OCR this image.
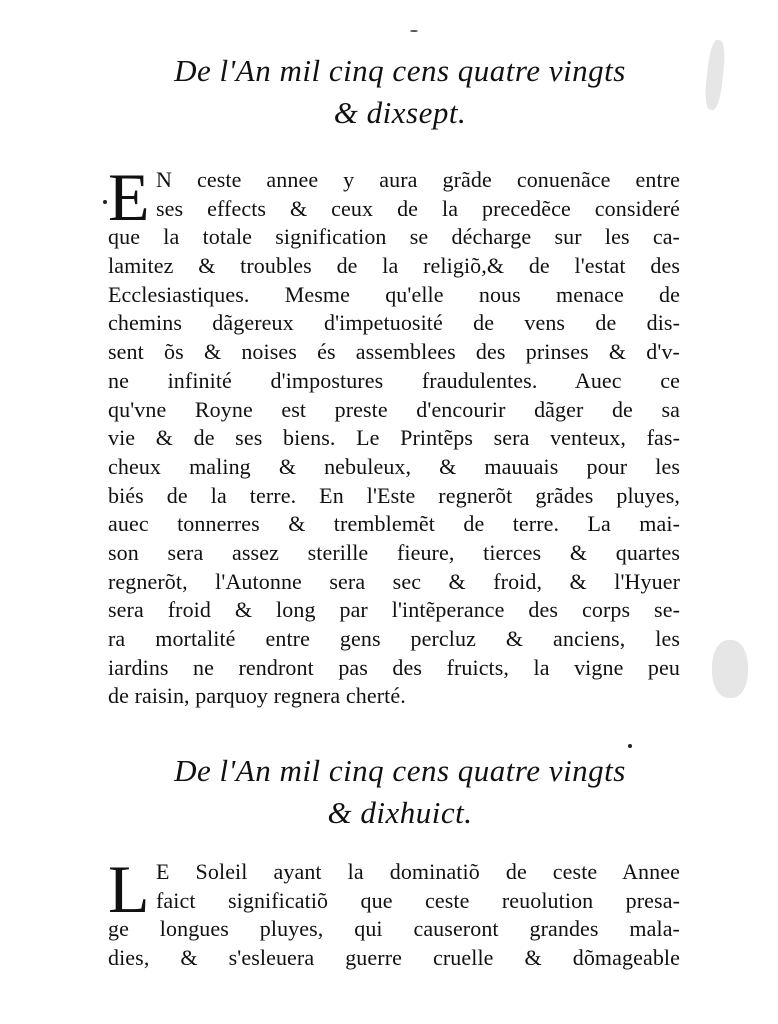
De l'An mil cinq cens quatre vingts
& dixsept.
E N ceste annee y aura grãde conuenãce entre
ses effects & ceux de la precedẽce consideré
que la totale signification se décharge sur les ca-
lamitez & troubles de la religiõ,& de l'estat des
Ecclesiastiques. Mesme qu'elle nous menace de
chemins dãgereux d'impetuosité de vens de dis-
sent õs & noises és assemblees des prinses & d'v-
ne infinité d'impostures fraudulentes. Auec ce
qu'vne Royne est preste d'encourir dãger de sa
vie & de ses biens. Le Printẽps sera venteux, fas-
cheux maling & nebuleux, & mauuais pour les
biés de la terre. En l'Este regnerõt grãdes pluyes,
auec tonnerres & tremblemẽt de terre. La mai-
son sera assez sterille fieure, tierces & quartes
regnerõt, l'Autonne sera sec & froid, & l'Hyuer
sera froid & long par l'intẽperance des corps se-
ra mortalité entre gens percluz & anciens, les
iardins ne rendront pas des fruicts, la vigne peu
de raisin, parquoy regnera cherté.
De l'An mil cinq cens quatre vingts
& dixhuict.
L E Soleil ayant la dominatiõ de ceste Annee
faict significatiõ que ceste reuolution presa-
ge longues pluyes, qui causeront grandes mala-
dies, & s'esleuera guerre cruelle & dõmageable
